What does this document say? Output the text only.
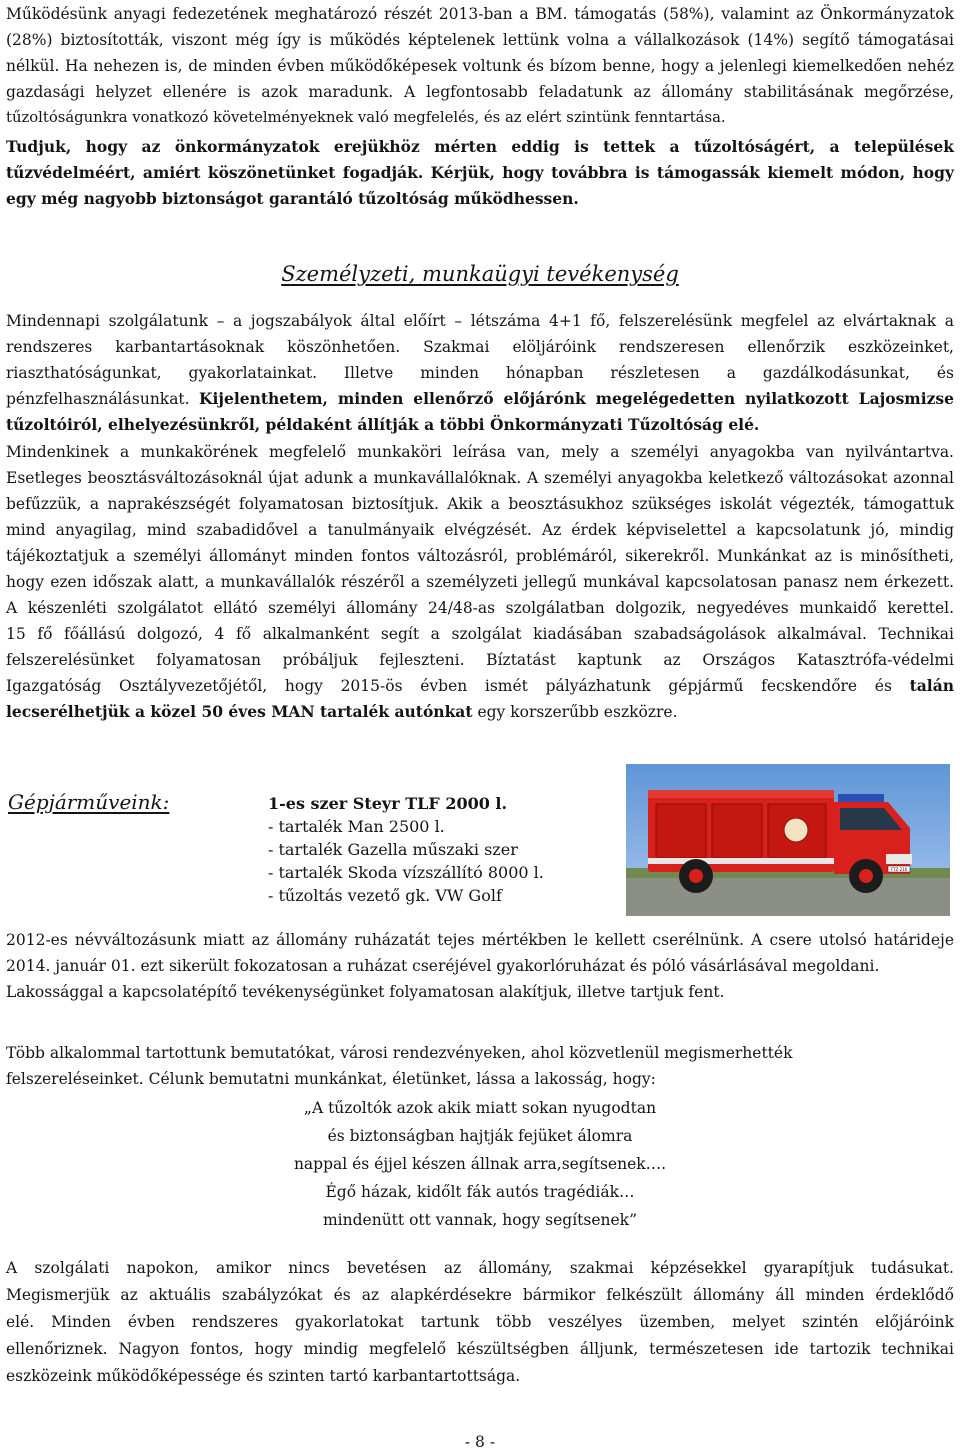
Működésünk anyagi fedezetének meghatározó részét 2013-ban a BM. támogatás (58%), valamint az Önkormányzatok
(28%) biztosították, viszont még így is működés képtelenek lettünk volna a vállalkozások (14%) segítő támogatásai
nélkül. Ha nehezen is, de minden évben működőképesek voltunk és bízom benne, hogy a jelenlegi kiemelkedően nehéz
gazdasági helyzet ellenére is azok maradunk. A legfontosabb feladatunk az állomány stabilitásának megőrzése,
tűzoltóságunkra vonatkozó követelményeknek való megfelelés, és az elért szintünk fenntartása.
Tudjuk, hogy az önkormányzatok erejükhöz mérten eddig is tettek a tűzoltóságért, a települések
tűzvédelméért, amiért köszönetünket fogadják. Kérjük, hogy továbbra is támogassák kiemelt módon, hogy
egy még nagyobb biztonságot garantáló tűzoltóság működhessen.
Személyzeti, munkaügyi tevékenység
Mindennapi szolgálatunk – a jogszabályok által előírt – létszáma 4+1 fő, felszerelésünk megfelel az elvártaknak a
rendszeres karbantartásoknak köszönhetően. Szakmai elöljáróink rendszeresen ellenőrzik eszközeinket,
riaszthatóságunkat, gyakorlatainkat. Illetve minden hónapban részletesen a gazdálkodásunkat, és
pénzfelhasználásunkat. Kijelenthetem, minden ellenőrző előjárónk megelégedetten nyilatkozott Lajosmizse
tűzoltóiról, elhelyezésünkről, példaként állítják a többi Önkormányzati Tűzoltóság elé.
Mindenkinek a munkakörének megfelelő munkaköri leírása van, mely a személyi anyagokba van nyilvántartva.
Esetleges beosztásváltozásoknál újat adunk a munkavállalóknak. A személyi anyagokba keletkező változásokat azonnal
befűzzük, a naprakészségét folyamatosan biztosítjuk. Akik a beosztásukhoz szükséges iskolát végezték, támogattuk
mind anyagilag, mind szabadidővel a tanulmányaik elvégzését. Az érdek képviselettel a kapcsolatunk jó, mindig
tájékoztatjuk a személyi állományt minden fontos változásról, problémáról, sikerekről. Munkánkat az is minősítheti,
hogy ezen időszak alatt, a munkavállalók részéről a személyzeti jellegű munkával kapcsolatosan panasz nem érkezett.
A készenléti szolgálatot ellátó személyi állomány 24/48-as szolgálatban dolgozik, negyedéves munkaidő kerettel.
15 fő főállású dolgozó, 4 fő alkalmanként segít a szolgálat kiadásában szabadságolások alkalmával. Technikai
felszerelésünket folyamatosan próbáljuk fejleszteni. Bíztatást kaptunk az Országos Katasztrófa-védelmi
Igazgatóság Osztályvezetőjétől, hogy 2015-ös évben ismét pályázhatunk gépjármű fecskendőre és talán
lecserélhetjük a közel 50 éves MAN tartalék autónkat egy korszerűbb eszközre.
Gépjárműveink:	1-es szer Steyr TLF 2000 l.
- tartalék Man 2500 l.
- tartalék Gazella műszaki szer
- tartalék Skoda vízszállító 8000 l.
- tűzoltás vezető gk. VW Golf
FTZ-216
2012-es névváltozásunk miatt az állomány ruházatát tejes mértékben le kellett cserélnünk. A csere utolsó határideje
2014. január 01. ezt sikerült fokozatosan a ruházat cseréjével gyakorlóruházat és póló vásárlásával megoldani.
Lakossággal a kapcsolatépítő tevékenységünket folyamatosan alakítjuk, illetve tartjuk fent.
Több alkalommal tartottunk bemutatókat, városi rendezvényeken, ahol közvetlenül megismerhették
felszereléseinket. Célunk bemutatni munkánkat, életünket, lássa a lakosság, hogy:
„A tűzoltók azok akik miatt sokan nyugodtan
és biztonságban hajtják fejüket álomra
nappal és éjjel készen állnak arra,segítsenek….
Égő házak, kidőlt fák autós tragédiák…
mindenütt ott vannak, hogy segítsenek”
A szolgálati napokon, amikor nincs bevetésen az állomány, szakmai képzésekkel gyarapítjuk tudásukat.
Megismerjük az aktuális szabályzókat és az alapkérdésekre bármikor felkészült állomány áll minden érdeklődő
elé. Minden évben rendszeres gyakorlatokat tartunk több veszélyes üzemben, melyet szintén előjáróink
ellenőriznek. Nagyon fontos, hogy mindig megfelelő készültségben álljunk, természetesen ide tartozik technikai
eszközeink működőképessége és szinten tartó karbantartottsága.
- 8 -
